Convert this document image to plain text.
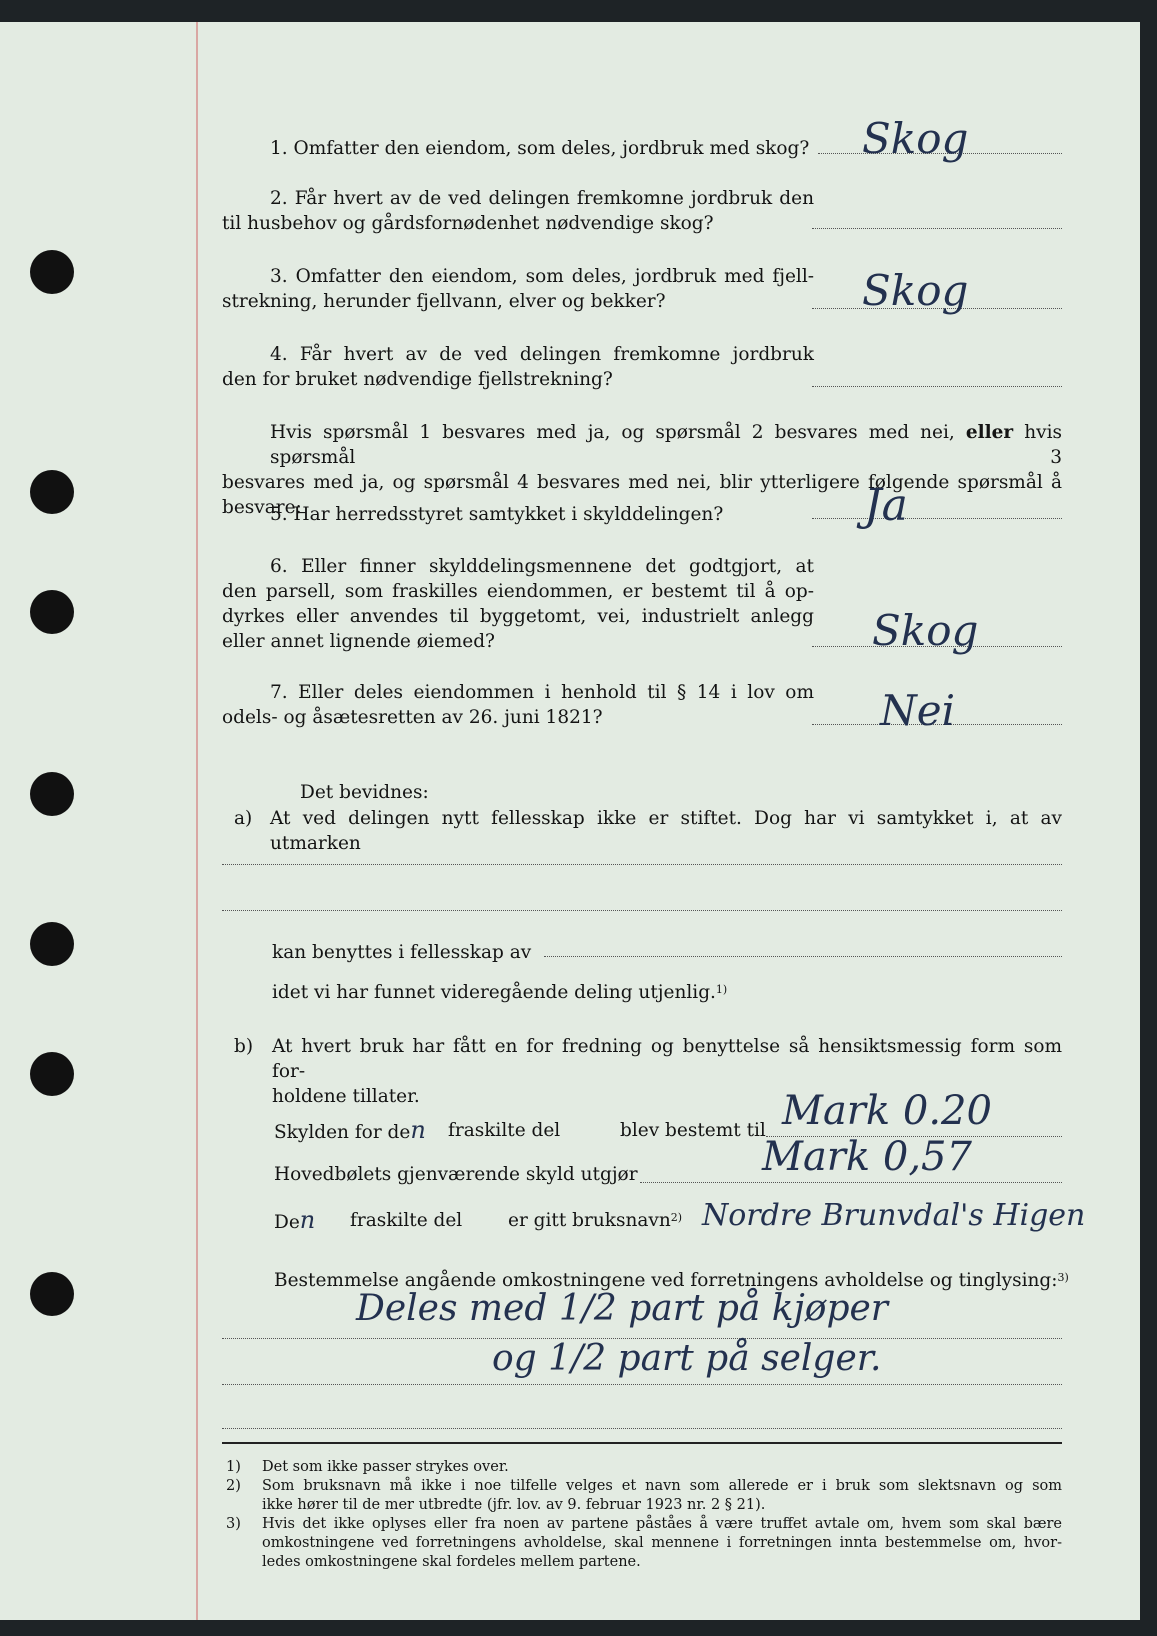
1. Omfatter den eiendom, som deles, jordbruk med skog? Skog
2. Får hvert av de ved delingen fremkomne jordbruk den
til husbehov og gårdsfornødenhet nødvendige skog?
3. Omfatter den eiendom, som deles, jordbruk med fjell-
strekning, herunder fjellvann, elver og bekker?	Skog
4. Får hvert av de ved delingen fremkomne jordbruk
den for bruket nødvendige fjellstrekning?
Hvis spørsmål 1 besvares med ja, og spørsmål 2 besvares med nei, eller hvis spørsmål 3
besvares med ja, og spørsmål 4 besvares med nei, blir ytterligere følgende spørsmål å besvare:
5. Har herredsstyret samtykket i skylddelingen?	Ja
6. Eller finner skylddelingsmennene det godtgjort, at
den parsell, som fraskilles eiendommen, er bestemt til å op-
dyrkes eller anvendes til byggetomt, vei, industrielt anlegg
eller annet lignende øiemed?	Skog
7. Eller deles eiendommen i henhold til § 14 i lov om
odels- og åsætesretten av 26. juni 1821?	Nei
Det bevidnes:
a) At ved delingen nytt fellesskap ikke er stiftet. Dog har vi samtykket i, at av utmarken
kan benyttes i fellesskap av
idet vi har funnet videregående deling utjenlig.$^{1)}$
b) At hvert bruk har fått en for fredning og benyttelse så hensiktsmessig form som for-
holdene tillater.
Skylden for den fraskilte del	blev bestemt til Mark 0.20
Hovedbølets gjenværende skyld utgjør	Mark 0,57
Den fraskilte del er gitt bruksnavn$^{2)}$ Nordre Brunvdal's Higen
Bestemmelse angående omkostningene ved forretningens avholdelse og tinglysing:$^{3)}$
Deles med 1/2 part på kjøper
og 1/2 part på selger.
1) Det som ikke passer strykes over.
2) Som bruksnavn må ikke i noe tilfelle velges et navn som allerede er i bruk som slektsnavn og som
ikke hører til de mer utbredte (jfr. lov. av 9. februar 1923 nr. 2 § 21).
3) Hvis det ikke oplyses eller fra noen av partene påståes å være truffet avtale om, hvem som skal bære
omkostningene ved forretningens avholdelse, skal mennene i forretningen innta bestemmelse om, hvor-
ledes omkostningene skal fordeles mellem partene.
